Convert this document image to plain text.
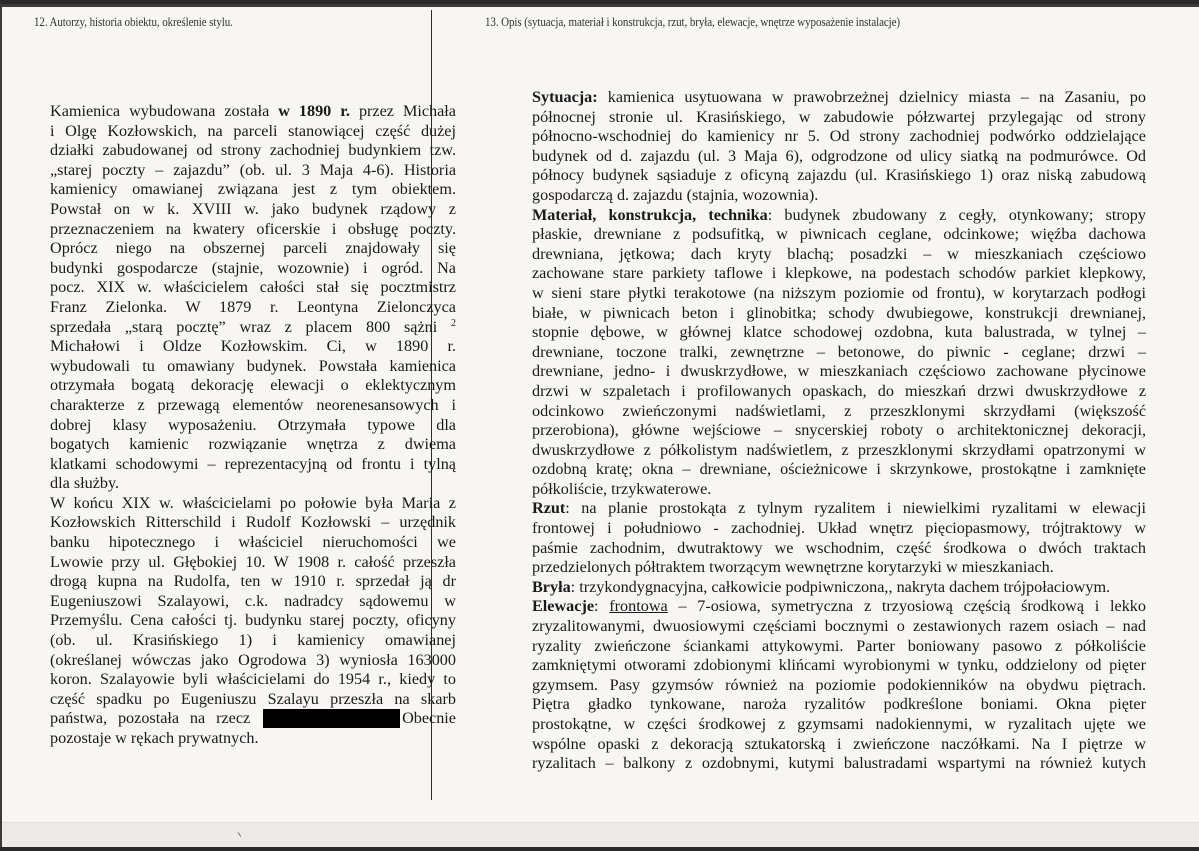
12. Autorzy, historia obiektu, określenie stylu.	13. Opis (sytuacja, materiał i konstrukcja, rzut, bryła, elewacje, wnętrze wyposażenie instalacje)
Kamienica wybudowana została w 1890 r. przez Michała
i Olgę Kozłowskich, na parceli stanowiącej część dużej
działki zabudowanej od strony zachodniej budynkiem tzw.
„starej poczty – zajazdu” (ob. ul. 3 Maja 4-6). Historia
kamienicy omawianej związana jest z tym obiektem.
Powstał on w k. XVIII w. jako budynek rządowy z
przeznaczeniem na kwatery oficerskie i obsługę poczty.
Oprócz niego na obszernej parceli znajdowały się
budynki gospodarcze (stajnie, wozownie) i ogród. Na
pocz. XIX w. właścicielem całości stał się pocztmistrz
Franz Zielonka. W 1879 r. Leontyna Zielonczyca
sprzedała „starą pocztę” wraz z placem 800 sążni $^2$
Michałowi i Oldze Kozłowskim. Ci, w 1890 r.
wybudowali tu omawiany budynek. Powstała kamienica
otrzymała bogatą dekorację elewacji o eklektycznym
charakterze z przewagą elementów neorenesansowych i
dobrej klasy wyposażeniu. Otrzymała typowe dla
bogatych kamienic rozwiązanie wnętrza z dwiema
klatkami schodowymi – reprezentacyjną od frontu i tylną
dla służby.
W końcu XIX w. właścicielami po połowie była Maria z
Kozłowskich Ritterschild i Rudolf Kozłowski – urzędnik
banku hipotecznego i właściciel nieruchomości we
Lwowie przy ul. Głębokiej 10. W 1908 r. całość przeszła
drogą kupna na Rudolfa, ten w 1910 r. sprzedał ją dr
Eugeniuszowi Szalayowi, c.k. nadradcy sądowemu w
Przemyślu. Cena całości tj. budynku starej poczty, oficyny
(ob. ul. Krasińskiego 1) i kamienicy omawianej
(określanej wówczas jako Ogrodowa 3) wyniosła 163000
koron. Szalayowie byli właścicielami do 1954 r., kiedy to
część spadku po Eugeniuszu Szalayu przeszła na skarb
państwa, pozostała na rzecz	Obecnie
pozostaje w rękach prywatnych.
Sytuacja: kamienica usytuowana w prawobrzeżnej dzielnicy miasta – na Zasaniu, po
północnej stronie ul. Krasińskiego, w zabudowie półzwartej przylegając od strony
północno-wschodniej do kamienicy nr 5. Od strony zachodniej podwórko oddzielające
budynek od d. zajazdu (ul. 3 Maja 6), odgrodzone od ulicy siatką na podmurówce. Od
północy budynek sąsiaduje z oficyną zajazdu (ul. Krasińskiego 1) oraz niską zabudową
gospodarczą d. zajazdu (stajnia, wozownia).
Materiał, konstrukcja, technika: budynek zbudowany z cegły, otynkowany; stropy
płaskie, drewniane z podsufitką, w piwnicach ceglane, odcinkowe; więźba dachowa
drewniana, jętkowa; dach kryty blachą; posadzki – w mieszkaniach częściowo
zachowane stare parkiety taflowe i klepkowe, na podestach schodów parkiet klepkowy,
w sieni stare płytki terakotowe (na niższym poziomie od frontu), w korytarzach podłogi
białe, w piwnicach beton i glinobitka; schody dwubiegowe, konstrukcji drewnianej,
stopnie dębowe, w głównej klatce schodowej ozdobna, kuta balustrada, w tylnej –
drewniane, toczone tralki, zewnętrzne – betonowe, do piwnic - ceglane; drzwi –
drewniane, jedno- i dwuskrzydłowe, w mieszkaniach częściowo zachowane płycinowe
drzwi w szpaletach i profilowanych opaskach, do mieszkań drzwi dwuskrzydłowe z
odcinkowo zwieńczonymi nadświetlami, z przeszklonymi skrzydłami (większość
przerobiona), główne wejściowe – snycerskiej roboty o architektonicznej dekoracji,
dwuskrzydłowe z półkolistym nadświetlem, z przeszklonymi skrzydłami opatrzonymi w
ozdobną kratę; okna – drewniane, ościeżnicowe i skrzynkowe, prostokątne i zamknięte
półkoliście, trzykwaterowe.
Rzut: na planie prostokąta z tylnym ryzalitem i niewielkimi ryzalitami w elewacji
frontowej i południowo - zachodniej. Układ wnętrz pięciopasmowy, trójtraktowy w
paśmie zachodnim, dwutraktowy we wschodnim, część środkowa o dwóch traktach
przedzielonych półtraktem tworzącym wewnętrzne korytarzyki w mieszkaniach.
Bryła: trzykondygnacyjna, całkowicie podpiwniczona,, nakryta dachem trójpołaciowym.
Elewacje: frontowa – 7-osiowa, symetryczna z trzyosiową częścią środkową i lekko
zryzalitowanymi, dwuosiowymi częściami bocznymi o zestawionych razem osiach – nad
ryzality zwieńczone ściankami attykowymi. Parter boniowany pasowo z półkoliście
zamkniętymi otworami zdobionymi klińcami wyrobionymi w tynku, oddzielony od pięter
gzymsem. Pasy gzymsów również na poziomie podokienników na obydwu piętrach.
Piętra gładko tynkowane, naroża ryzalitów podkreślone boniami. Okna pięter
prostokątne, w części środkowej z gzymsami nadokiennymi, w ryzalitach ujęte we
wspólne opaski z dekoracją sztukatorską i zwieńczone naczółkami. Na I piętrze w
ryzalitach – balkony z ozdobnymi, kutymi balustradami wspartymi na również kutych
